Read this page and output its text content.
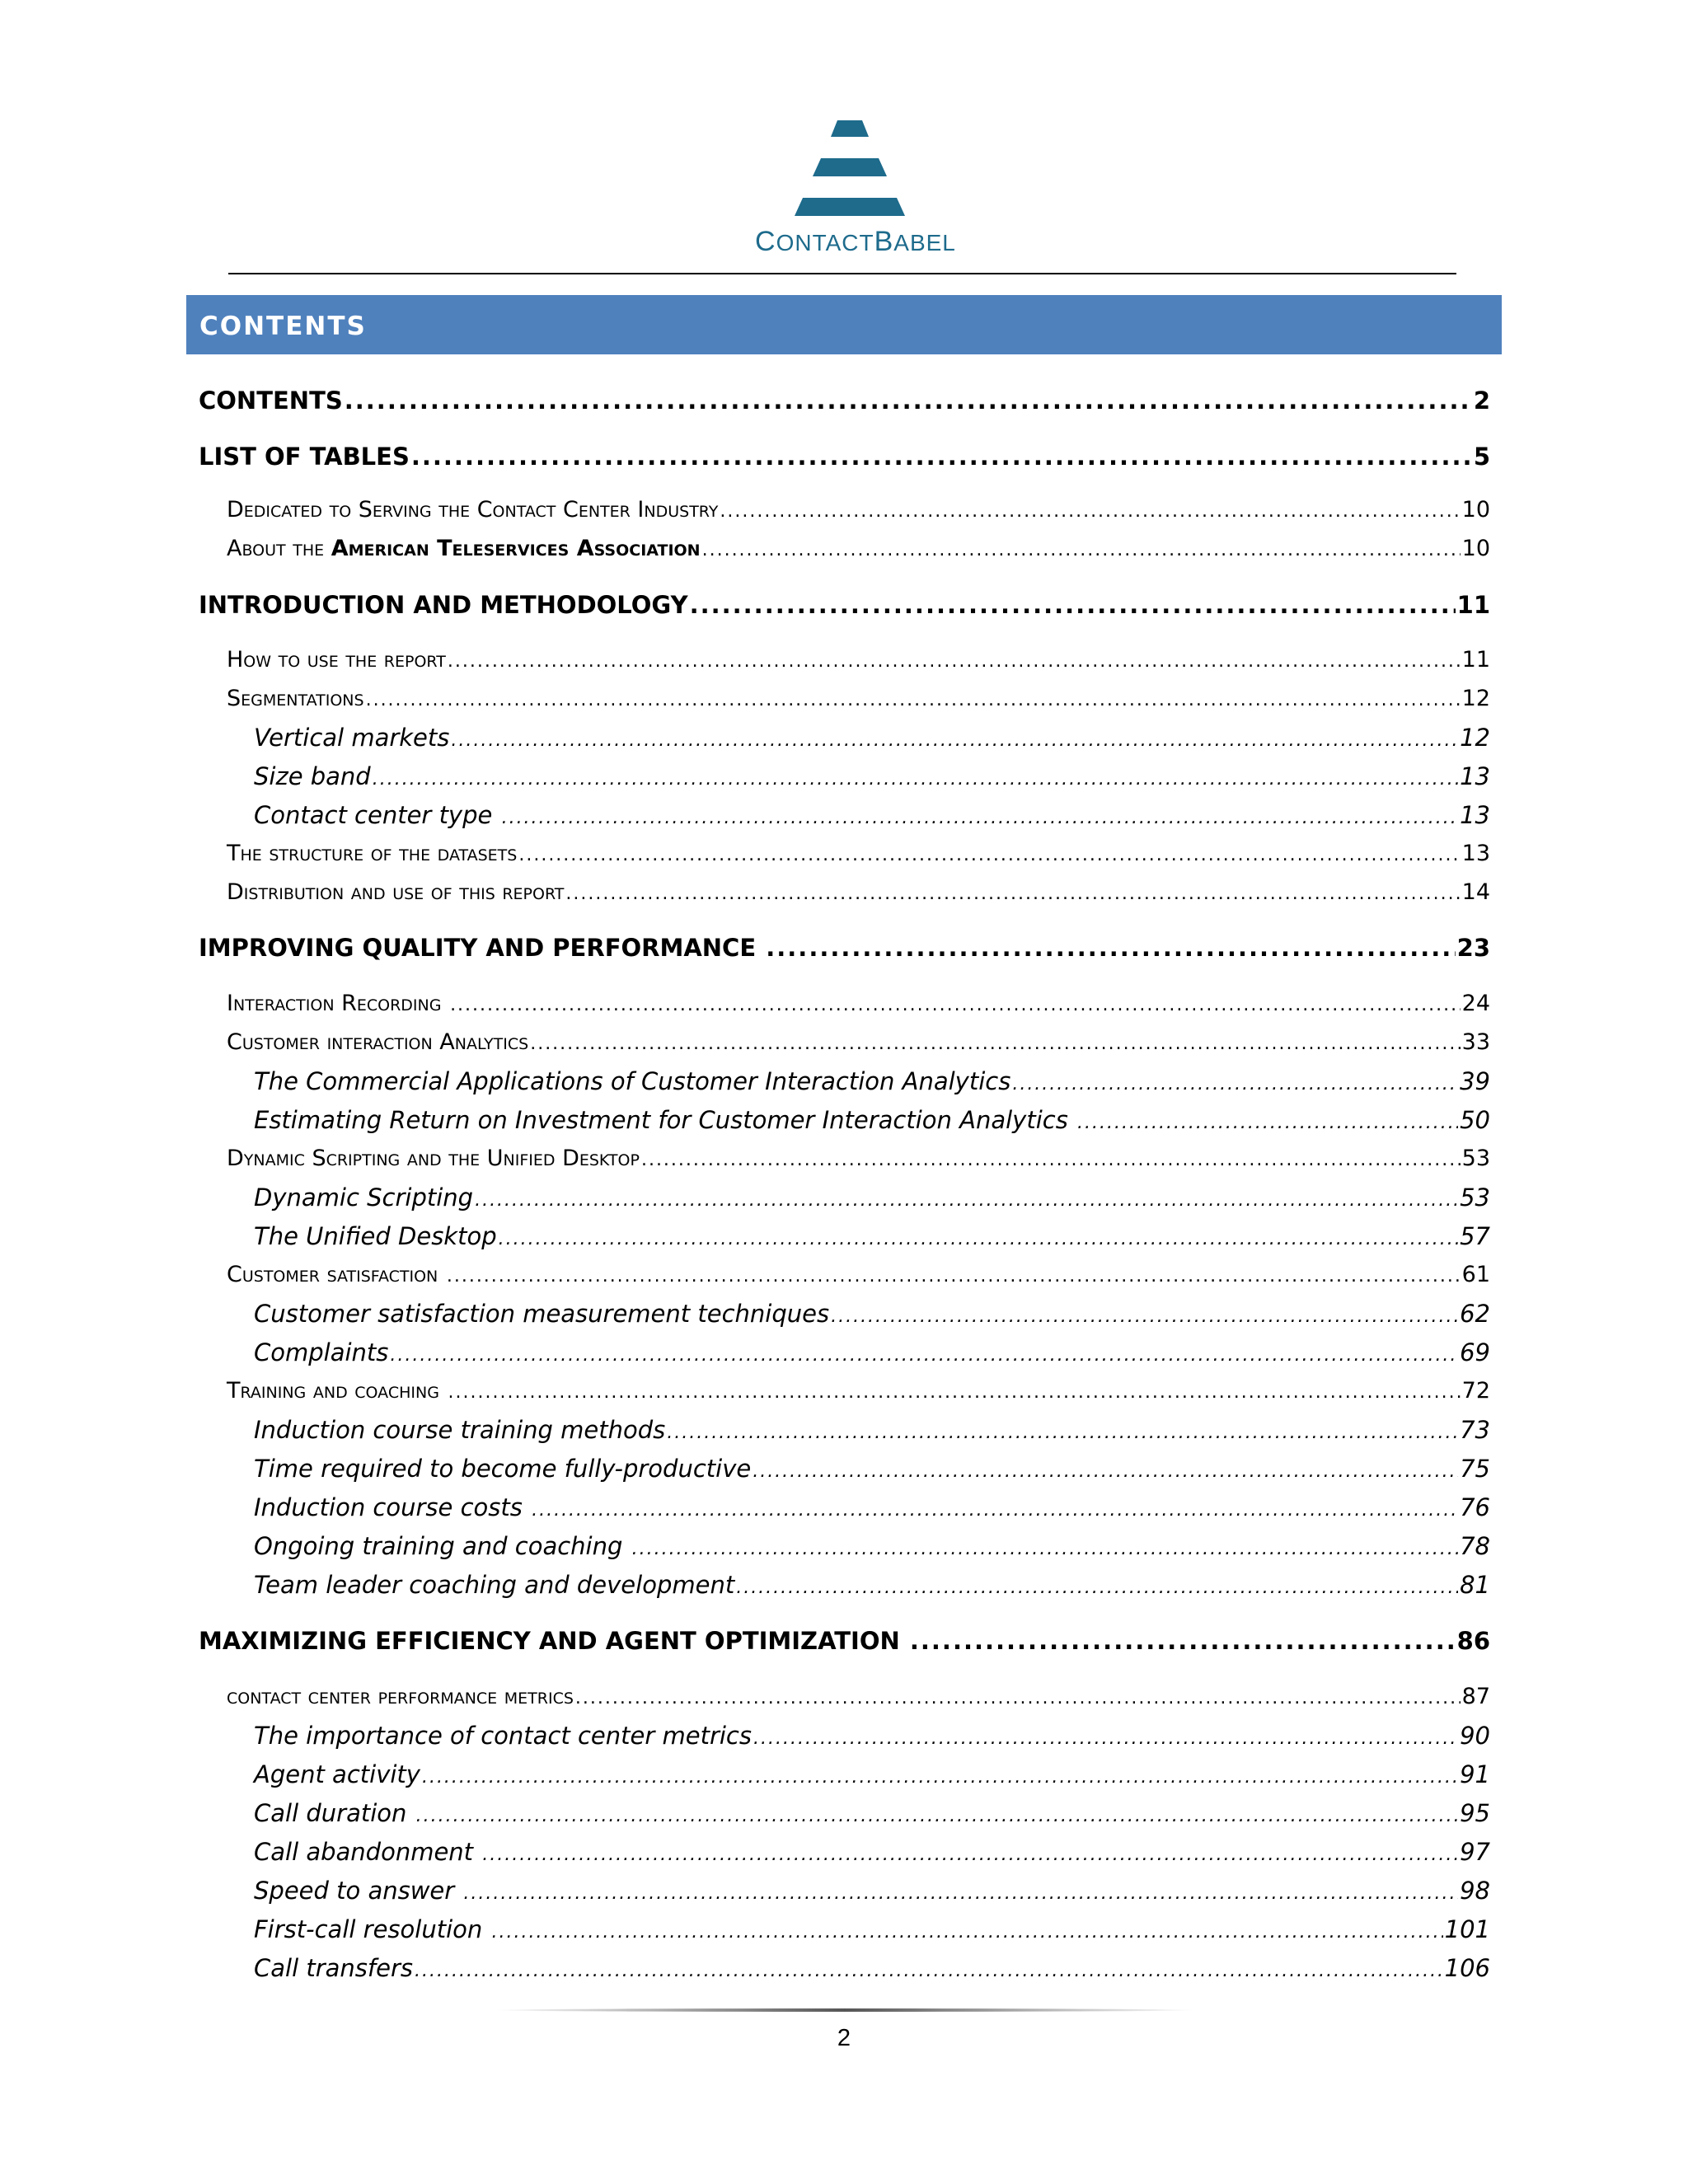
CONTACTBABEL
CONTENTS
CONTENTS .....	2
LIST OF TABLES .....	5
Dedicated to Serving the Contact Center Industry .....	10
About the American Teleservices Association .....	10
INTRODUCTION AND METHODOLOGY .....	11
How to use the report .....	11
Segmentations .....	12
Vertical markets .....	12
Size band .....	13
Contact center type .....	13
The structure of the datasets .....	13
Distribution and use of this report .....	14
IMPROVING QUALITY AND PERFORMANCE .....	23
Interaction Recording .....	24
Customer interaction Analytics .....	33
The Commercial Applications of Customer Interaction Analytics .....	39
Estimating Return on Investment for Customer Interaction Analytics .....	50
Dynamic Scripting and the Unified Desktop .....	53
Dynamic Scripting .....	53
The Unified Desktop .....	57
Customer satisfaction .....	61
Customer satisfaction measurement techniques .....	62
Complaints .....	69
Training and coaching .....	72
Induction course training methods .....	73
Time required to become fully-productive .....	75
Induction course costs .....	76
Ongoing training and coaching .....	78
Team leader coaching and development .....	81
MAXIMIZING EFFICIENCY AND AGENT OPTIMIZATION .....	86
contact center performance metrics .....	87
The importance of contact center metrics .....	90
Agent activity .....	91
Call duration .....	95
Call abandonment .....	97
Speed to answer .....	98
First-call resolution .....	101
Call transfers .....	106
2
